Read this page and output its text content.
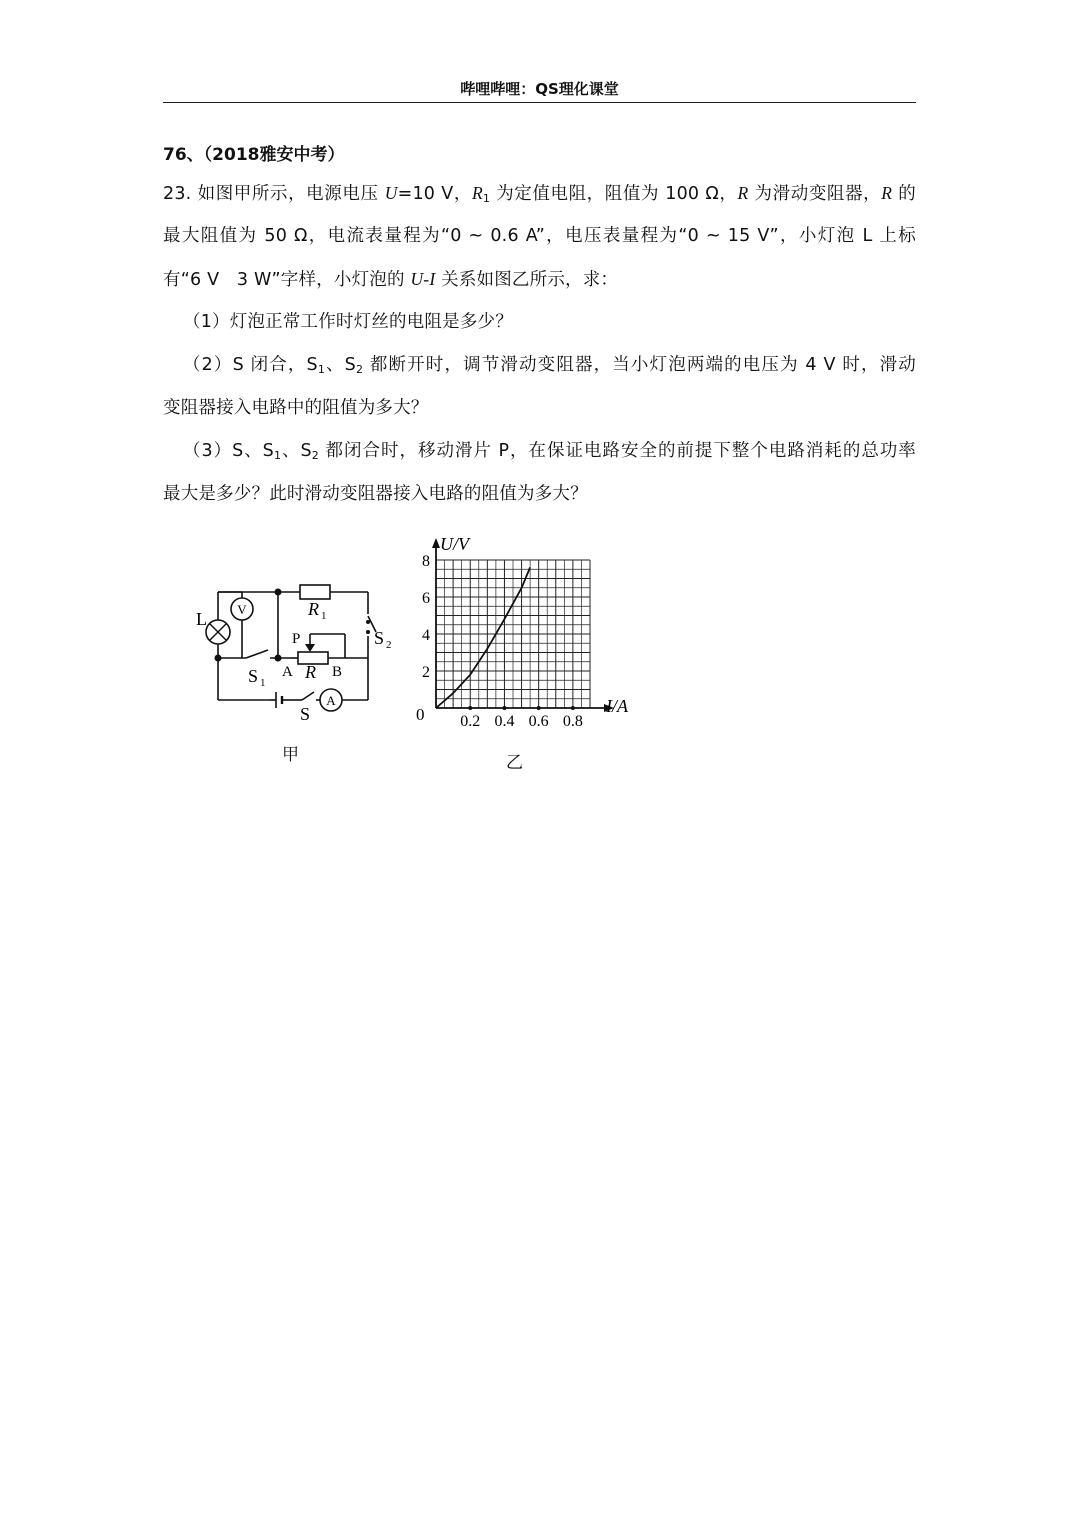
哔哩哔哩：QS理化课堂
76、（2018雅安中考）
23. 如图甲所示，电源电压 U=10 V，$R_1$ 为定值电阻，阻值为 100 Ω，R 为滑动变阻器，R 的
最大阻值为 50 Ω，电流表量程为“0 ~ 0.6 A”，电压表量程为“0 ~ 15 V”，小灯泡 L 上标
有“6 V　3 W”字样，小灯泡的 U-I 关系如图乙所示，求：
（1）灯泡正常工作时灯丝的电阻是多少？
（2）S 闭合，$S_1$、$S_2$ 都断开时，调节滑动变阻器，当小灯泡两端的电压为 4 V 时，滑动
变阻器接入电路中的阻值为多大？
（3）S、$S_1$、$S_2$ 都闭合时，移动滑片 P，在保证电路安全的前提下整个电路消耗的总功率
最大是多少？此时滑动变阻器接入电路的阻值为多大？
V
A
L	R 1
R
P
A	B
S 1
S 2
S
甲
0.2 0.4 0.6 0.8
2
4
6
8
U/V
I/A
0
乙
